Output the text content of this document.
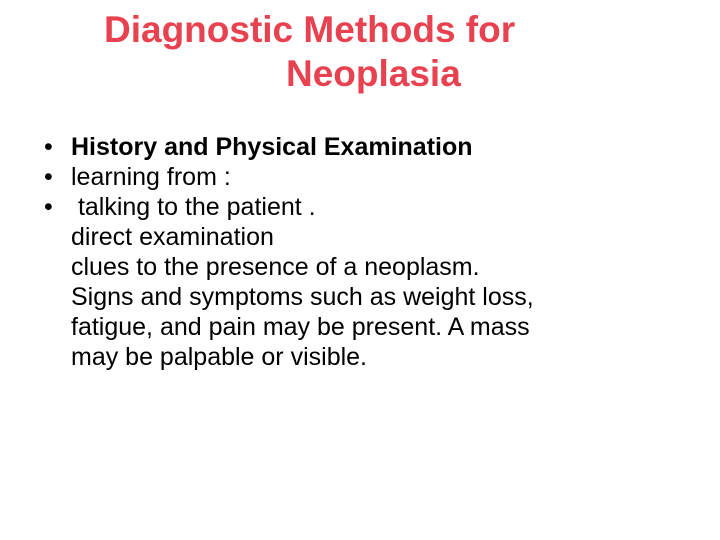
Diagnostic Methods for
Neoplasia
• History and Physical Examination
• learning from :
• talking to the patient .
direct examination
clues to the presence of a neoplasm.
Signs and symptoms such as weight loss,
fatigue, and pain may be present. A mass
may be palpable or visible.
